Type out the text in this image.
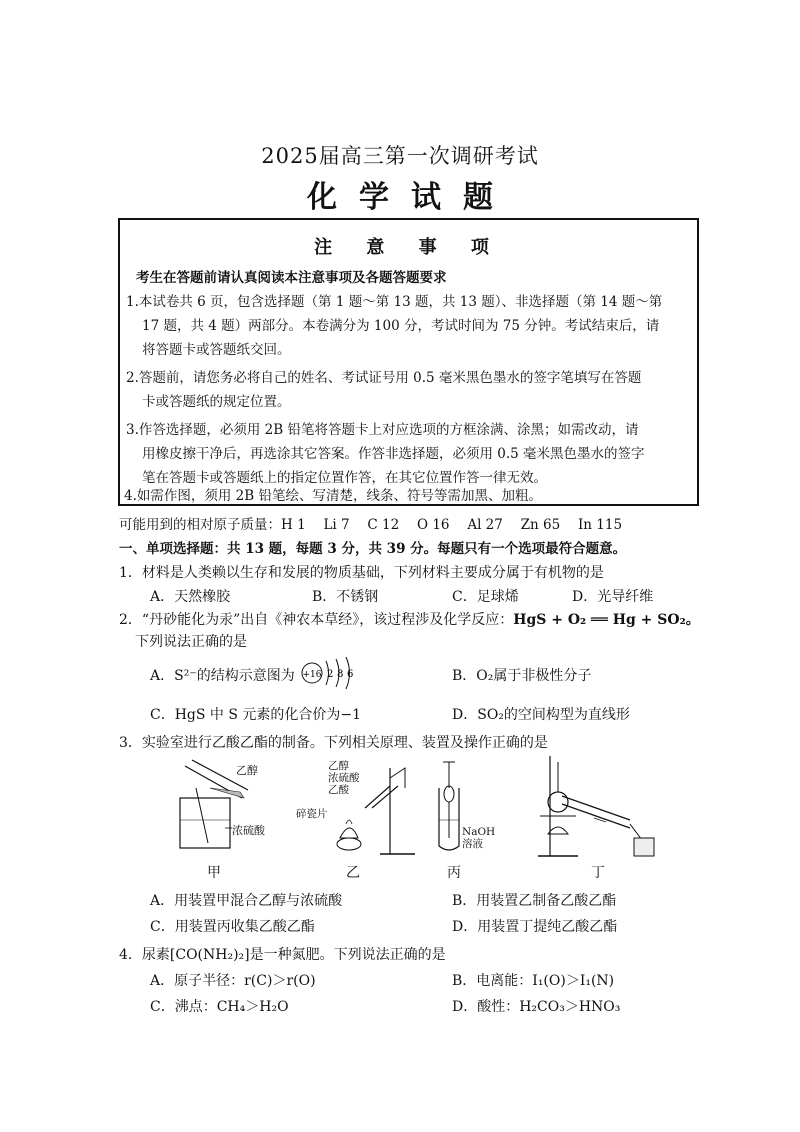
2025届高三第一次调研考试
化学试题
注 意 事 项
考生在答题前请认真阅读本注意事项及各题答题要求
1.本试卷共 6 页，包含选择题（第 1 题～第 13 题，共 13 题）、非选择题（第 14 题～第
17 题，共 4 题）两部分。本卷满分为 100 分，考试时间为 75 分钟。考试结束后，请
将答题卡或答题纸交回。
2.答题前，请您务必将自己的姓名、考试证号用 0.5 毫米黑色墨水的签字笔填写在答题
卡或答题纸的规定位置。
3.作答选择题，必须用 2B 铅笔将答题卡上对应选项的方框涂满、涂黑；如需改动，请
用橡皮擦干净后，再选涂其它答案。作答非选择题，必须用 0.5 毫米黑色墨水的签字
笔在答题卡或答题纸上的指定位置作答，在其它位置作答一律无效。
4.如需作图，须用 2B 铅笔绘、写清楚，线条、符号等需加黑、加粗。
可能用到的相对原子质量：H 1　 Li 7　 C 12　 O 16　 Al 27　 Zn 65　 In 115
一、单项选择题：共 13 题，每题 3 分，共 39 分。每题只有一个选项最符合题意。
1．材料是人类赖以生存和发展的物质基础，下列材料主要成分属于有机物的是
A．天然橡胶	B．不锈钢	C．足球烯	D．光导纤维
2．“丹砂能化为汞”出自《神农本草经》，该过程涉及化学反应：HgS + O₂ ══ Hg + SO₂。
下列说法正确的是
A．S²⁻的结构示意图为 +16 2 8 6	B．O₂属于非极性分子
C．HgS 中 S 元素的化合价为−1	D．SO₂的空间构型为直线形
3．实验室进行乙酸乙酯的制备。下列相关原理、装置及操作正确的是
乙醇
浓硫酸
乙醇
浓硫酸
乙酸
碎瓷片
NaOH
溶液
甲	乙	丙	丁
A．用装置甲混合乙醇与浓硫酸	B．用装置乙制备乙酸乙酯
C．用装置丙收集乙酸乙酯	D．用装置丁提纯乙酸乙酯
4．尿素[CO(NH₂)₂]是一种氮肥。下列说法正确的是
A．原子半径：r(C)＞r(O)	B．电离能：I₁(O)＞I₁(N)
C．沸点：CH₄＞H₂O	D．酸性：H₂CO₃＞HNO₃
